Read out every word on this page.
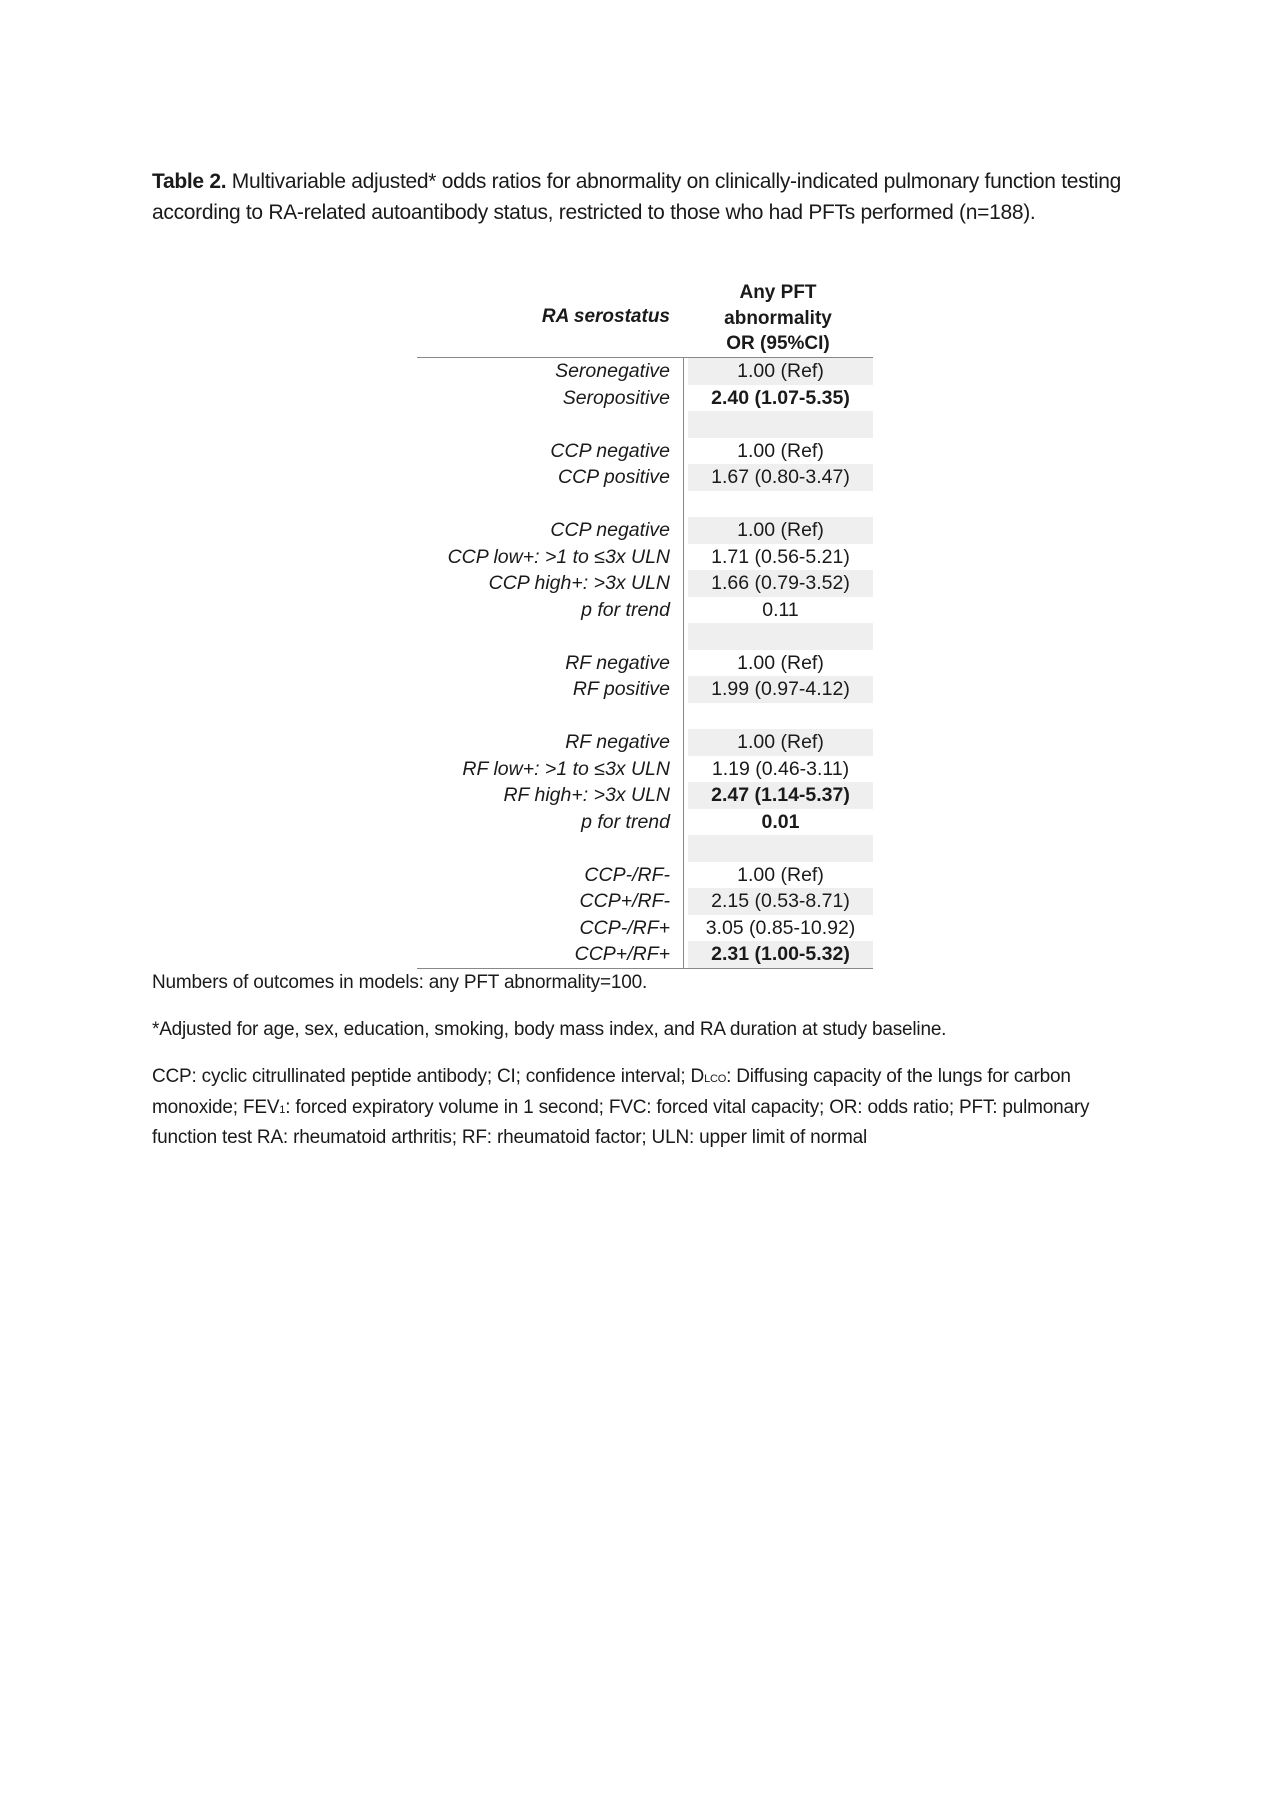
Table 2. Multivariable adjusted* odds ratios for abnormality on clinically-indicated pulmonary function testing according to RA-related autoantibody status, restricted to those who had PFTs performed (n=188).
RA serostatus
Any PFT
abnormality
OR (95%CI)
Seronegative	1.00 (Ref)
Seropositive	2.40 (1.07-5.35)
CCP negative	1.00 (Ref)
CCP positive	1.67 (0.80-3.47)
CCP negative	1.00 (Ref)
CCP low+: >1 to ≤3x ULN	1.71 (0.56-5.21)
CCP high+: >3x ULN	1.66 (0.79-3.52)
p for trend	0.11
RF negative	1.00 (Ref)
RF positive	1.99 (0.97-4.12)
RF negative	1.00 (Ref)
RF low+: >1 to ≤3x ULN	1.19 (0.46-3.11)
RF high+: >3x ULN	2.47 (1.14-5.37)
p for trend	0.01
CCP-/RF-	1.00 (Ref)
CCP+/RF-	2.15 (0.53-8.71)
CCP-/RF+	3.05 (0.85-10.92)
CCP+/RF+	2.31 (1.00-5.32)
Numbers of outcomes in models: any PFT abnormality=100.
*Adjusted for age, sex, education, smoking, body mass index, and RA duration at study baseline.
CCP: cyclic citrullinated peptide antibody; CI; confidence interval; DLCO: Diffusing capacity of the lungs for carbon monoxide; FEV1: forced expiratory volume in 1 second; FVC: forced vital capacity; OR: odds ratio; PFT: pulmonary function test RA: rheumatoid arthritis; RF: rheumatoid factor; ULN: upper limit of normal
